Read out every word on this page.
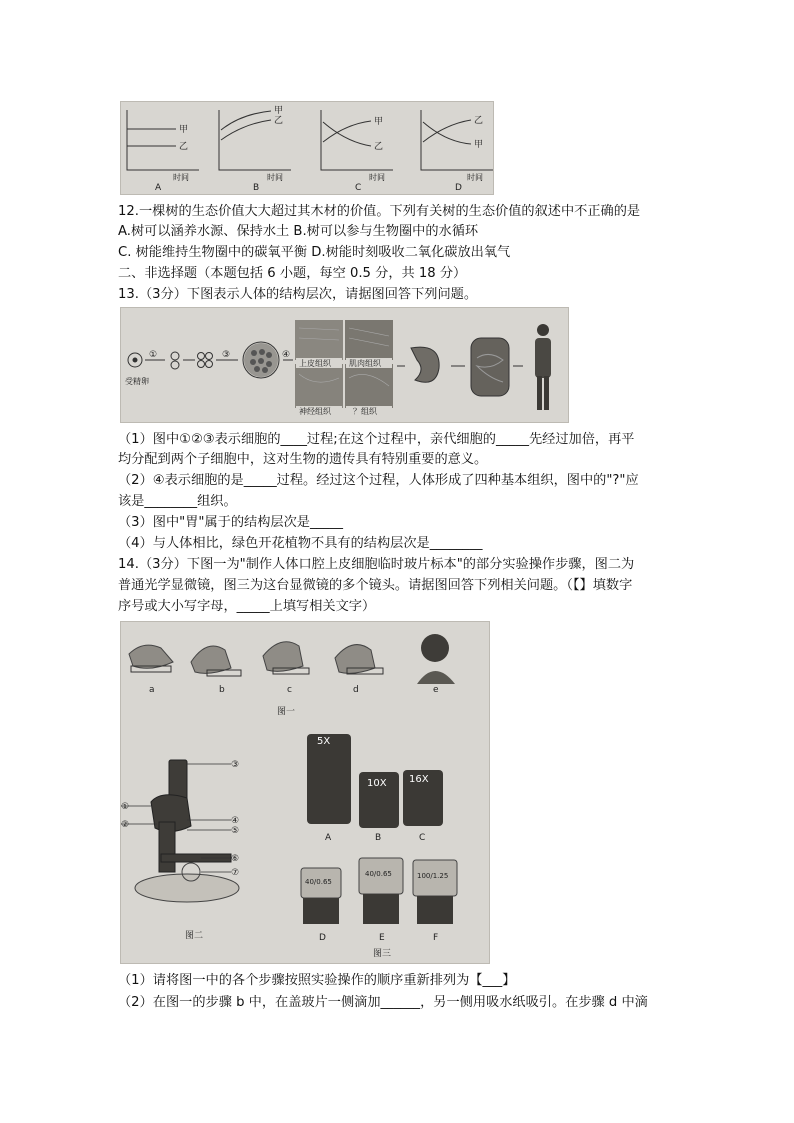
甲
乙
甲
乙	甲
乙
乙
甲
时间	时间	时间	时间
A	B	C	D
12.一棵树的生态价值大大超过其木材的价值。下列有关树的生态价值的叙述中不正确的是
A.树可以涵养水源、保持水土 B.树可以参与生物圈中的水循环
C. 树能维持生物圈中的碳氧平衡 D.树能时刻吸收二氧化碳放出氧气
二、非选择题（本题包括 6 小题，每空 0.5 分，共 18 分）
13.（3分）下图表示人体的结构层次，请据图回答下列问题。
①	③	④
受精卵
上皮组织 肌肉组织
神经组织	？组织
（1）图中①②③表示细胞的____过程;在这个过程中，亲代细胞的_____先经过加倍，再平
均分配到两个子细胞中，这对生物的遗传具有特别重要的意义。
（2）④表示细胞的是_____过程。经过这个过程，人体形成了四种基本组织，图中的"?"应
该是________组织。
（3）图中"胃"属于的结构层次是_____
（4）与人体相比，绿色开花植物不具有的结构层次是________
14.（3分）下图一为"制作人体口腔上皮细胞临时玻片标本"的部分实验操作步骤，图二为
普通光学显微镜，图三为这台显微镜的多个镜头。请据图回答下列相关问题。（【】填数字
序号或大小写字母，_____上填写相关文字）
a	b	c	d	e
图一
③
④
⑤
⑥
⑦
①
②
图二
5X
10X 16X
A	B	C
40/0.65
40/0.65	100/1.25
D	E	F
图三
（1）请将图一中的各个步骤按照实验操作的顺序重新排列为【___】
（2）在图一的步骤 b 中，在盖玻片一侧滴加______，另一侧用吸水纸吸引。在步骤 d 中滴
